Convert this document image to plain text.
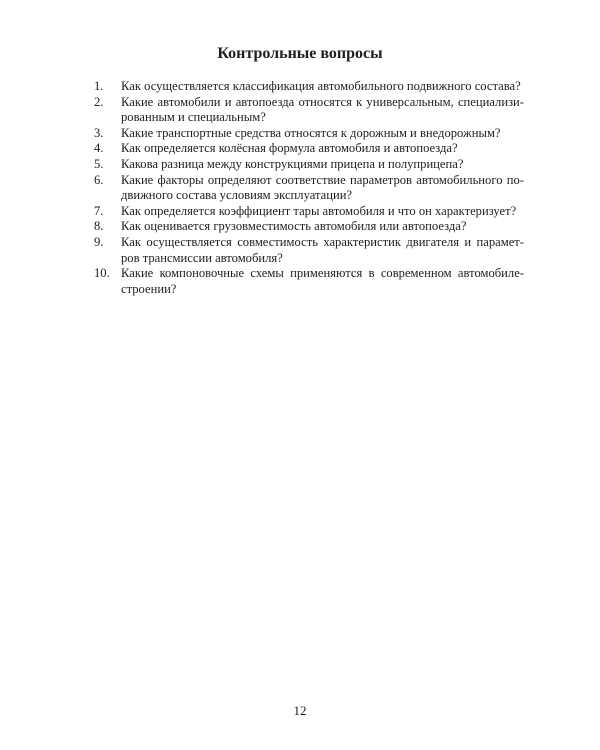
Контрольные вопросы
1. Как осуществляется классификация автомобильного подвижного состава?
2. Какие автомобили и автопоезда относятся к универсальным, специализи-
рованным и специальным?
3. Какие транспортные средства относятся к дорожным и внедорожным?
4. Как определяется колёсная формула автомобиля и автопоезда?
5. Какова разница между конструкциями прицепа и полуприцепа?
6. Какие факторы определяют соответствие параметров автомобильного по-
движного состава условиям эксплуатации?
7. Как определяется коэффициент тары автомобиля и что он характеризует?
8. Как оценивается грузовместимость автомобиля или автопоезда?
9. Как осуществляется совместимость характеристик двигателя и парамет-
ров трансмиссии автомобиля?
10. Какие компоновочные схемы применяются в современном автомобиле-
строении?
12
